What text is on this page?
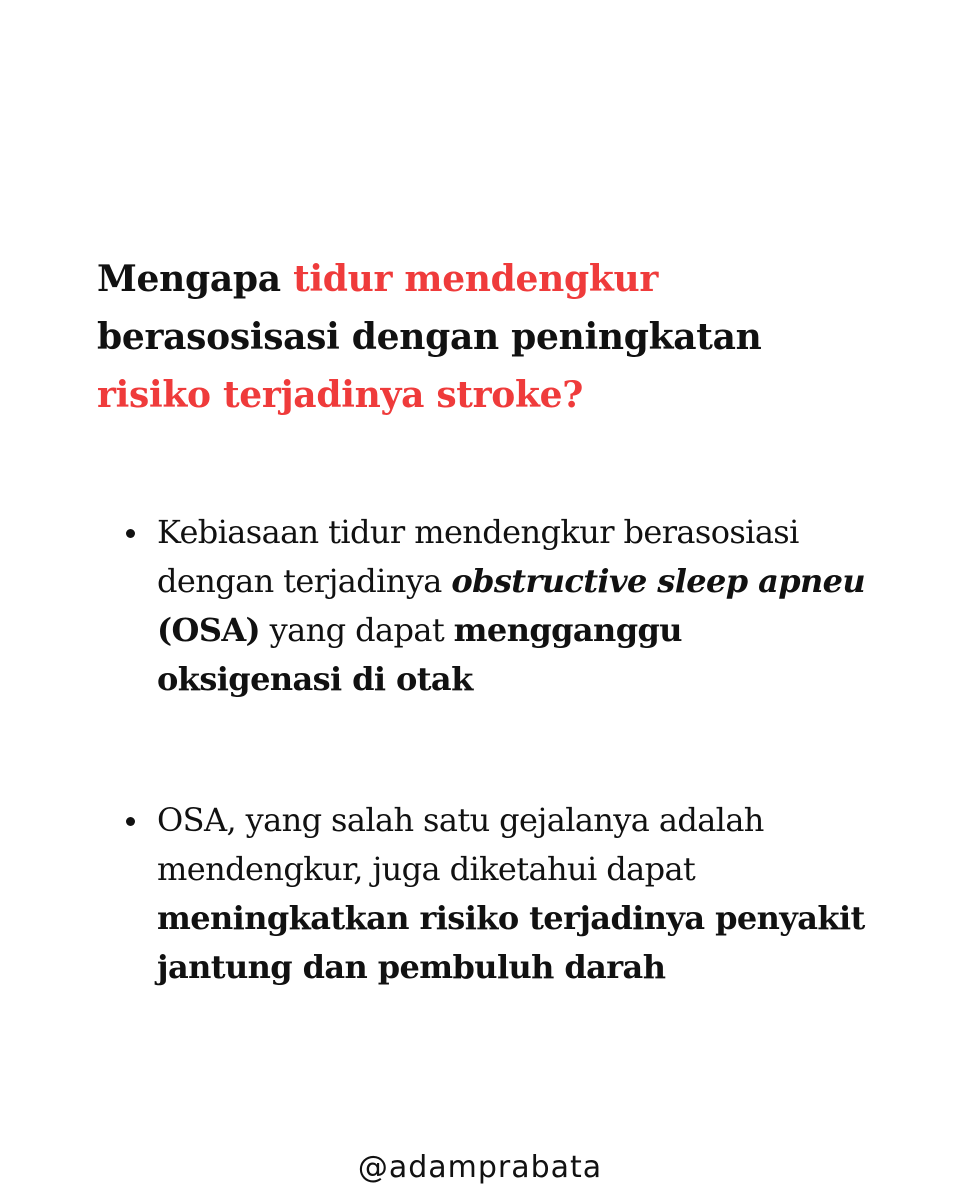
Mengapa tidur mendengkur berasosisasi dengan peningkatan risiko terjadinya stroke?
Kebiasaan tidur mendengkur berasosiasi dengan terjadinya obstructive sleep apneu (OSA) yang dapat mengganggu oksigenasi di otak
OSA, yang salah satu gejalanya adalah mendengkur, juga diketahui dapat meningkatkan risiko terjadinya penyakit jantung dan pembuluh darah
@adamprabata
